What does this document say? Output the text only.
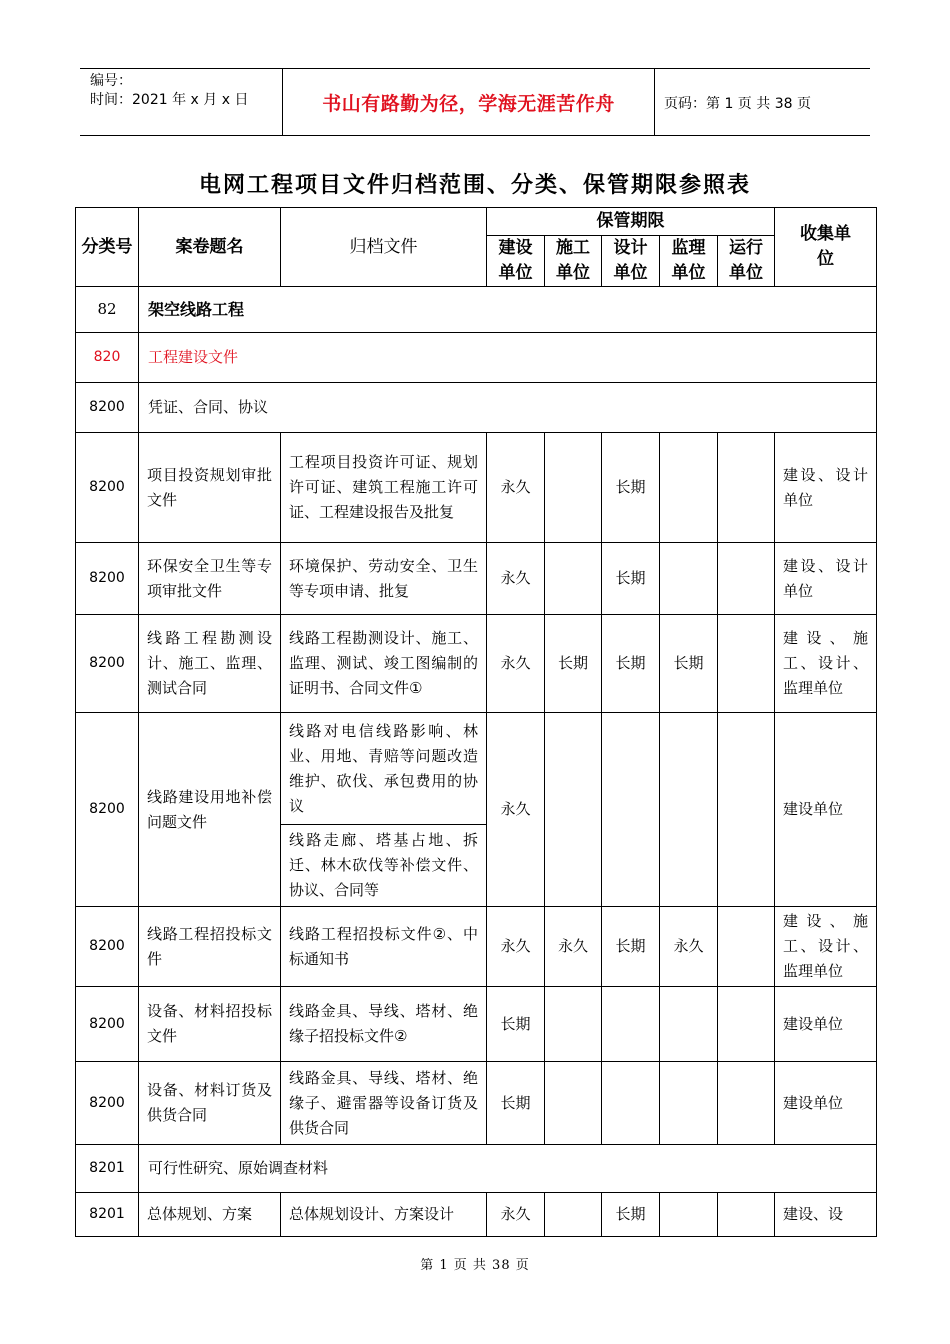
编号：
时间：2021 年 x 月 x 日	书山有路勤为径，学海无涯苦作舟	页码：第 1 页 共 38 页
电网工程项目文件归档范围、分类、保管期限参照表
分类号	案卷题名	归档文件	保管期限					收集单位
			建设单位	施工单位	设计单位	监理单位	运行单位	
82	架空线路工程							
820	工程建设文件							
8200	凭证、合同、协议							
8200	项目投资规划审批文件	工程项目投资许可证、规划许可证、建筑工程施工许可证、工程建设报告及批复	永久		长期			建设、设计单位
8200	环保安全卫生等专项审批文件	环境保护、劳动安全、卫生等专项申请、批复	永久		长期			建设、设计单位
8200	线路工程勘测设计、施工、监理、测试合同	线路工程勘测设计、施工、监理、测试、竣工图编制的证明书、合同文件①	永久	长期	长期	长期		建设、施工、设计、监理单位
8200	线路建设用地补偿问题文件	线路对电信线路影响、林业、用地、青赔等问题改造维护、砍伐、承包费用的协议	永久					建设单位
		线路走廊、塔基占地、拆迁、林木砍伐等补偿文件、协议、合同等						
8200	线路工程招投标文件	线路工程招投标文件②、中标通知书	永久	永久	长期	永久		建设、施工、设计、监理单位
8200	设备、材料招投标文件	线路金具、导线、塔材、绝缘子招投标文件②	长期					建设单位
8200	设备、材料订货及供货合同	线路金具、导线、塔材、绝缘子、避雷器等设备订货及供货合同	长期					建设单位
8201	可行性研究、原始调查材料							
8201	总体规划、方案	总体规划设计、方案设计	永久		长期			建设、设
第 1 页 共 38 页
